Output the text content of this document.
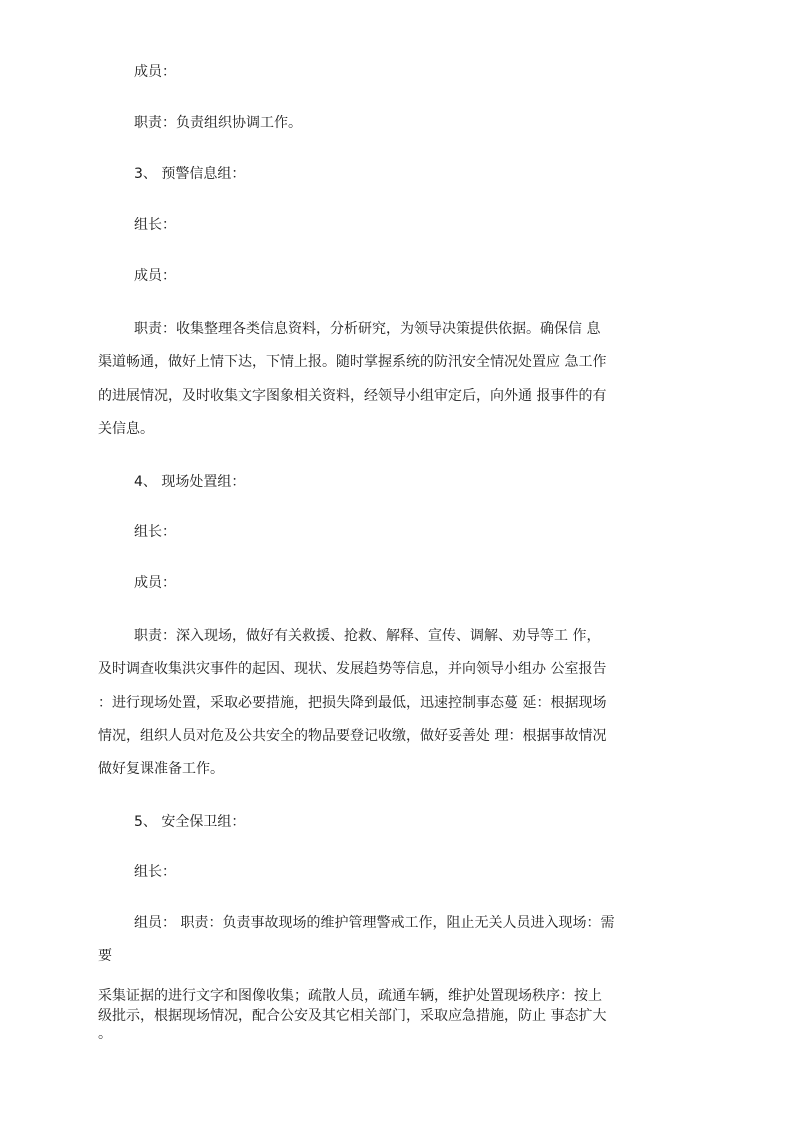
成员：
职责：负责组织协调工作。
3、 预警信息组：
组长：
成员：
职责：收集整理各类信息资料，分析研究，为领导决策提供依据。确保信 息
渠道畅通，做好上情下达，下情上报。随时掌握系统的防汛安全情况处置应 急工作
的进展情况，及时收集文字图象相关资料，经领导小组审定后，向外通 报事件的有
关信息。
4、 现场处置组：
组长：
成员：
职责：深入现场，做好有关救援、抢救、解释、宣传、调解、劝导等工 作，
及时调查收集洪灾事件的起因、现状、发展趋势等信息，并向领导小组办 公室报告
：进行现场处置，采取必要措施，把损失降到最低，迅速控制事态蔓 延：根据现场
情况，组织人员对危及公共安全的物品要登记收缴，做好妥善处 理：根据事故情况
做好复课准备工作。
5、 安全保卫组：
组长：
组员： 职责：负责事故现场的维护管理警戒工作，阻止无关人员进入现场：需
要
采集证据的进行文字和图像收集；疏散人员，疏通车辆，维护处置现场秩序：按上
级批示，根据现场情况，配合公安及其它相关部门，采取应急措施，防止 事态扩大
。
